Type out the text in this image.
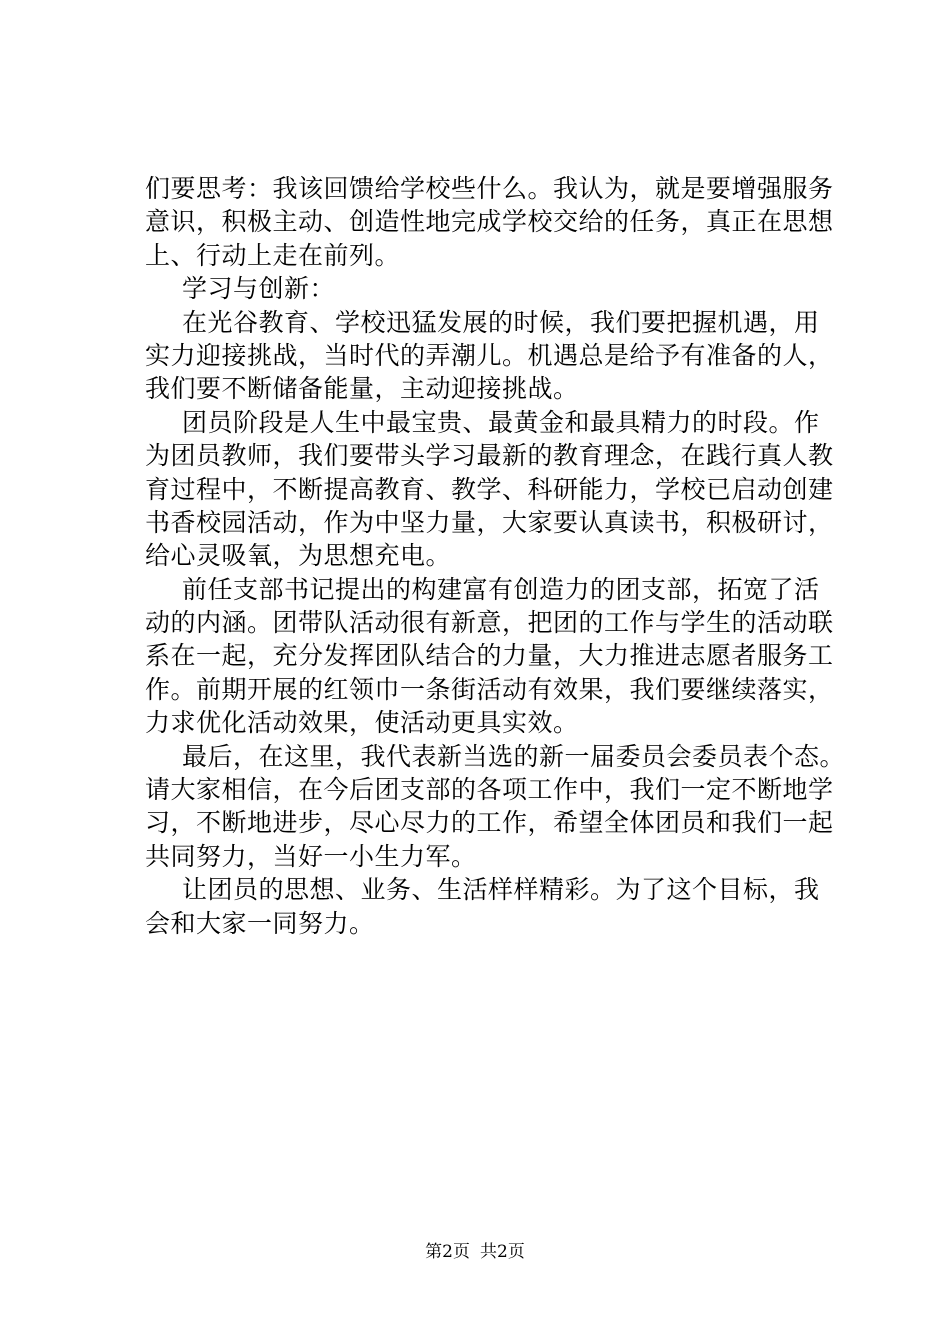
们要思考：我该回馈给学校些什么。我认为，就是要增强服务
意识，积极主动、创造性地完成学校交给的任务，真正在思想
上、行动上走在前列。
学习与创新：
在光谷教育、学校迅猛发展的时候，我们要把握机遇，用
实力迎接挑战，当时代的弄潮儿。机遇总是给予有准备的人，
我们要不断储备能量，主动迎接挑战。
团员阶段是人生中最宝贵、最黄金和最具精力的时段。作
为团员教师，我们要带头学习最新的教育理念，在践行真人教
育过程中，不断提高教育、教学、科研能力，学校已启动创建
书香校园活动，作为中坚力量，大家要认真读书，积极研讨，
给心灵吸氧，为思想充电。
前任支部书记提出的构建富有创造力的团支部，拓宽了活
动的内涵。团带队活动很有新意，把团的工作与学生的活动联
系在一起，充分发挥团队结合的力量，大力推进志愿者服务工
作。前期开展的红领巾一条街活动有效果，我们要继续落实，
力求优化活动效果，使活动更具实效。
最后，在这里，我代表新当选的新一届委员会委员表个态。
请大家相信，在今后团支部的各项工作中，我们一定不断地学
习，不断地进步，尽心尽力的工作，希望全体团员和我们一起
共同努力，当好一小生力军。
让团员的思想、业务、生活样样精彩。为了这个目标，我
会和大家一同努力。
第2页 共2页
